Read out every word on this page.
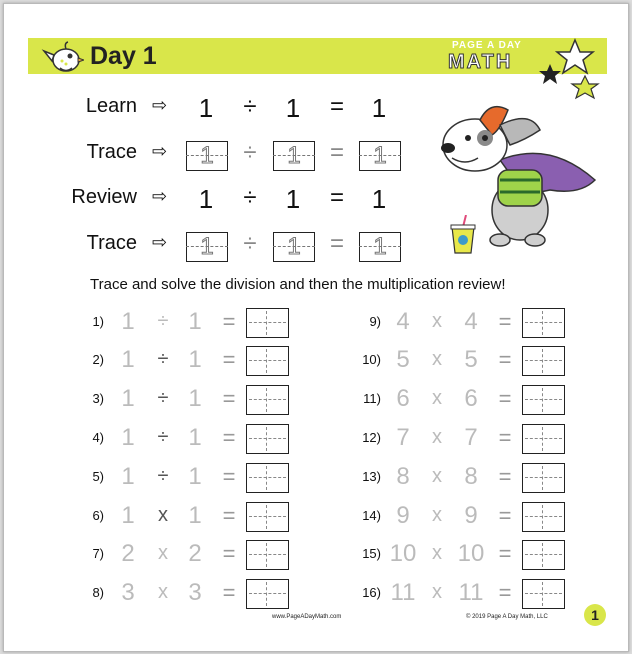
Day 1	PAGE A DAY
MATH
Learn ⇨ 1 ÷ 1 = 1
Trace ⇨	1	÷	1	=	1
Review ⇨ 1 ÷ 1 = 1
Trace ⇨	1	÷	1	=	1
Trace and solve the division and then the multiplication review!
1) 1 ÷ 1 =
2) 1 ÷ 1 =
3) 1 ÷ 1 =
4) 1 ÷ 1 =
5) 1 ÷ 1 =
6) 1 x 1 =
7) 2 x 2 =
8) 3 x 3 =
9) 4 x 4 =
10) 5 x 5 =
11) 6 x 6 =
12) 7 x 7 =
13) 8 x 8 =
14) 9 x 9 =
15) 10 x 10 =
16) 11 x 11 =
www.PageADayMath.com	© 2019 Page A Day Math, LLC	1
